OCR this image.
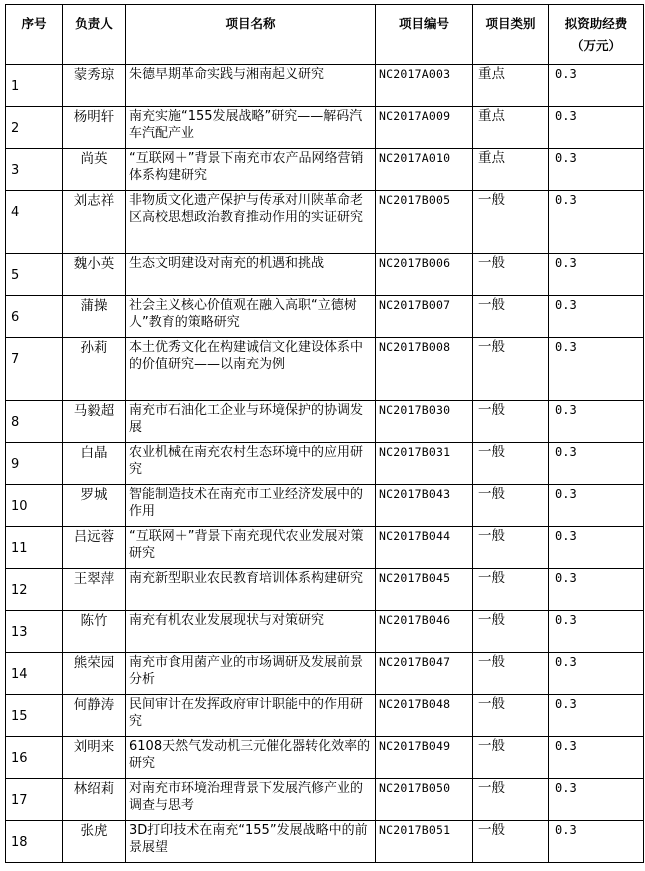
序号	负责人	项目名称	项目编号	项目类别	拟资助经费
（万元）
1	蒙秀琼	朱德早期革命实践与湘南起义研究	NC2017A003	重点	0.3
2	杨明轩	南充实施“155发展战略”研究——解码汽车汽配产业	NC2017A009	重点	0.3
3	尚英	“互联网＋”背景下南充市农产品网络营销体系构建研究	NC2017A010	重点	0.3
4	刘志祥	非物质文化遗产保护与传承对川陕革命老区高校思想政治教育推动作用的实证研究	NC2017B005	一般	0.3
5	魏小英	生态文明建设对南充的机遇和挑战	NC2017B006	一般	0.3
6	蒲操	社会主义核心价值观在融入高职“立德树人”教育的策略研究	NC2017B007	一般	0.3
7	孙莉	本土优秀文化在构建诚信文化建设体系中的价值研究——以南充为例	NC2017B008	一般	0.3
8	马毅超	南充市石油化工企业与环境保护的协调发展	NC2017B030	一般	0.3
9	白晶	农业机械在南充农村生态环境中的应用研究	NC2017B031	一般	0.3
10	罗城	智能制造技术在南充市工业经济发展中的作用	NC2017B043	一般	0.3
11	吕远蓉	“互联网＋”背景下南充现代农业发展对策研究	NC2017B044	一般	0.3
12	王翠萍	南充新型职业农民教育培训体系构建研究	NC2017B045	一般	0.3
13	陈竹	南充有机农业发展现状与对策研究	NC2017B046	一般	0.3
14	熊荣园	南充市食用菌产业的市场调研及发展前景分析	NC2017B047	一般	0.3
15	何静涛	民间审计在发挥政府审计职能中的作用研究	NC2017B048	一般	0.3
16	刘明来	6108天然气发动机三元催化器转化效率的研究	NC2017B049	一般	0.3
17	林绍莉	对南充市环境治理背景下发展汽修产业的调查与思考	NC2017B050	一般	0.3
18	张虎	3D打印技术在南充“155”发展战略中的前景展望	NC2017B051	一般	0.3
